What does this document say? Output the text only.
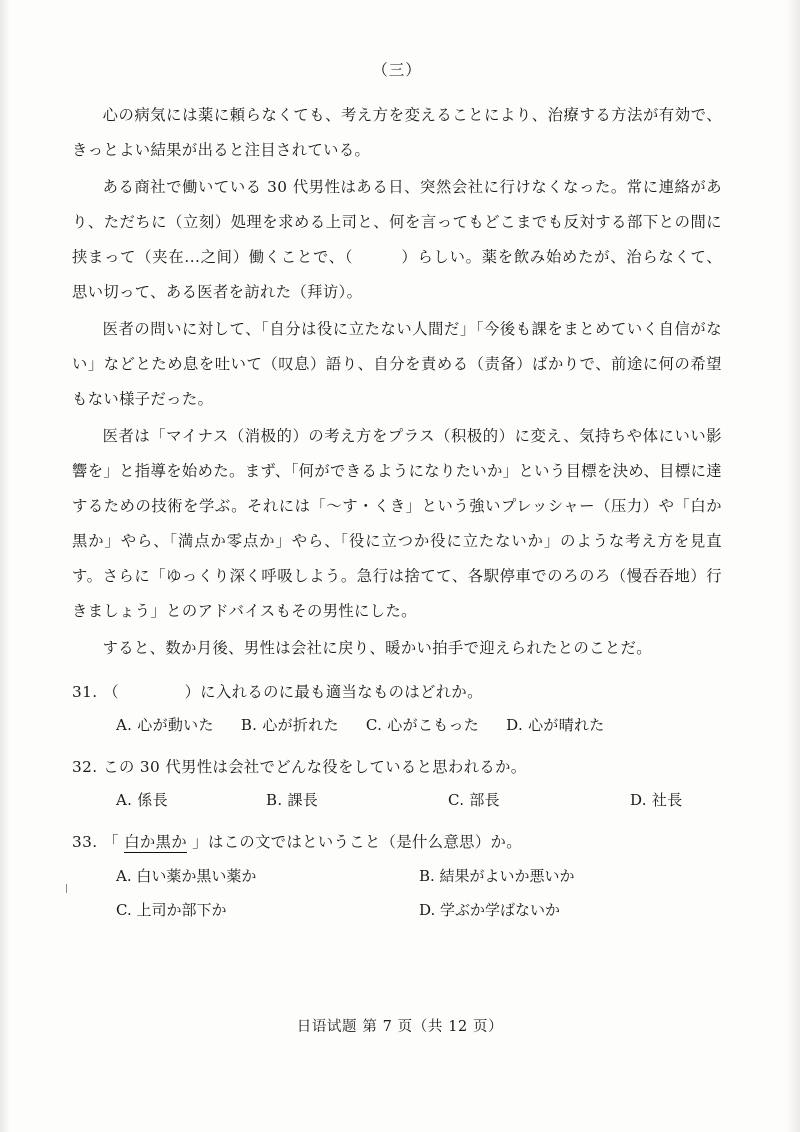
（三）

心の病気には薬に頼らなくても、考え方を変えることにより、治療する方法が有効で、きっとよい結果が出ると注目されている。

ある商社で働いている 30 代男性はある日、突然会社に行けなくなった。常に連絡があり、ただちに（立刻）処理を求める上司と、何を言ってもどこまでも反対する部下との間に挟まって（夹在...之间）働くことで、（　　　）らしい。薬を飲み始めたが、治らなくて、思い切って、ある医者を訪れた（拜访）。

医者の問いに対して、「自分は役に立たない人間だ」「今後も課をまとめていく自信がない」などとため息を吐いて（叹息）語り、自分を責める（责备）ばかりで、前途に何の希望もない様子だった。

医者は「マイナス（消极的）の考え方をプラス（积极的）に変え、気持ちや体にいい影響を」と指導を始めた。まず、「何ができるようになりたいか」という目標を決め、目標に達するための技術を学ぶ。それには「～す・くき」という強いプレッシャー（压力）や「白か黒か」やら、「満点か零点か」やら、「役に立つか役に立たないか」のような考え方を見直す。さらに「ゆっくり深く呼吸しよう。急行は捨てて、各駅停車でのろのろ（慢吞吞地）行きましょう」とのアドバイスもその男性にした。

すると、数か月後、男性は会社に戻り、暖かい拍手で迎えられたとのことだ。

31. （	）に入れるのに最も適当なものはどれか。
A. 心が動いた B. 心が折れた C. 心がこもった D. 心が晴れた
32. この 30 代男性は会社でどんな役をしていると思われるか。
A. 係長	B. 課長	C. 部長	D. 社長
33. 「 白か黒か 」はこの文ではということ（是什么意思）か。
A. 白い薬か黒い薬か	B. 結果がよいか悪いか
C. 上司か部下か	D. 学ぶか学ばないか
日语试题 第 7 页（共 12 页）
